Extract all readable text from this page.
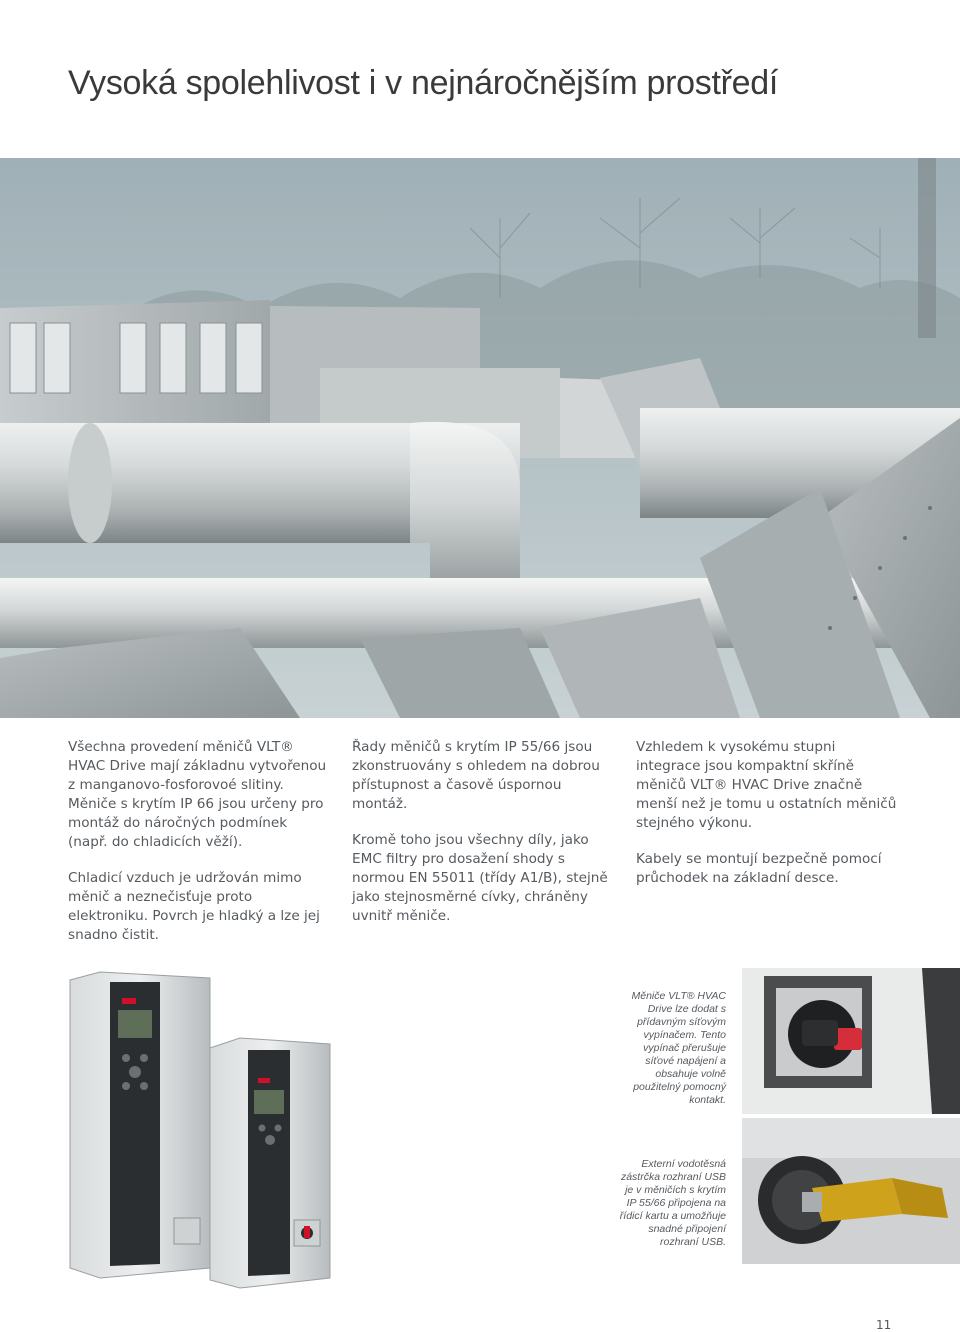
Vysoká spolehlivost i v nejnáročnějším prostředí

Všechna provedení měničů VLT® HVAC Drive mají základnu vytvořenou z manganovo-fosforovoé slitiny. Měniče s krytím IP 66 jsou určeny pro montáž do náročných podmínek (např. do chladicích věží).

Chladicí vzduch je udržován mimo měnič a neznečisťuje proto elektroniku. Povrch je hladký a lze jej snadno čistit.

Řady měničů s krytím IP 55/66 jsou zkonstruovány s ohledem na dobrou přístupnost a časově úspornou montáž.

Kromě toho jsou všechny díly, jako EMC filtry pro dosažení shody s normou EN 55011 (třídy A1/B), stejně jako stejnosměrné cívky, chráněny uvnitř měniče.

Vzhledem k vysokému stupni integrace jsou kompaktní skříně měničů VLT® HVAC Drive značně menší než je tomu u ostatních měničů stejného výkonu.

Kabely se montují bezpečně pomocí průchodek na základní desce.

Měniče VLT® HVAC Drive lze dodat s přídavným síťovým vypínačem. Tento vypínač přerušuje síťové napájení a obsahuje volně použitelný pomocný kontakt.
Externí vodotěsná zástrčka rozhraní USB je v měničích s krytím IP 55/66 připojena na řídicí kartu a umožňuje snadné připojení rozhraní USB.
11
